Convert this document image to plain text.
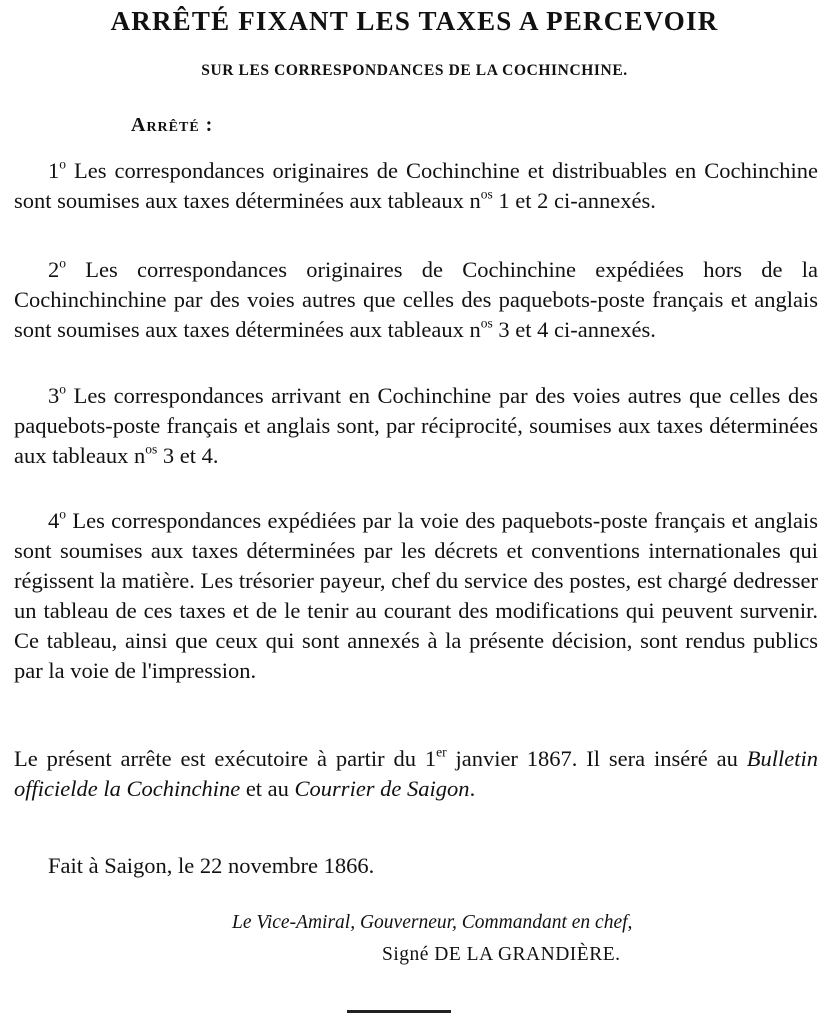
ARRÊTÉ FIXANT LES TAXES A PERCEVOIR
SUR LES CORRESPONDANCES DE LA COCHINCHINE.
Arrêté :

1$^o$ Les correspondances originaires de Cochinchine et distribuables en Cochinchine sont soumises aux taxes déterminées aux tableaux $n^{os}$ 1 et 2 ci-annexés.

2$^o$ Les correspondances originaires de Cochinchine expédiées hors de la Cochinchinchine par des voies autres que celles des paquebots-poste français et anglais sont soumises aux taxes déterminées aux tableaux $n^{os}$ 3 et 4 ci-annexés.

3$^o$ Les correspondances arrivant en Cochinchine par des voies autres que celles des paquebots-poste français et anglais sont, par réciprocité, soumises aux taxes déterminées aux tableaux $n^{os}$ 3 et 4.

4$^o$ Les correspondances expédiées par la voie des paquebots-poste français et anglais sont soumises aux taxes déterminées par les décrets et conventions internationales qui régissent la matière. Les trésorier payeur, chef du service des postes, est chargé dedresser un tableau de ces taxes et de le tenir au courant des modifications qui peuvent survenir. Ce tableau, ainsi que ceux qui sont annexés à la présente décision, sont rendus publics par la voie de l'impression.

Le présent arrête est exécutoire à partir du 1er janvier 1867. Il sera inséré au Bulletin officielde la Cochinchine et au Courrier de Saigon.

Fait à Saigon, le 22 novembre 1866.
Le Vice-Amiral, Gouverneur, Commandant en chef,
Signé DE LA GRANDIÈRE.
